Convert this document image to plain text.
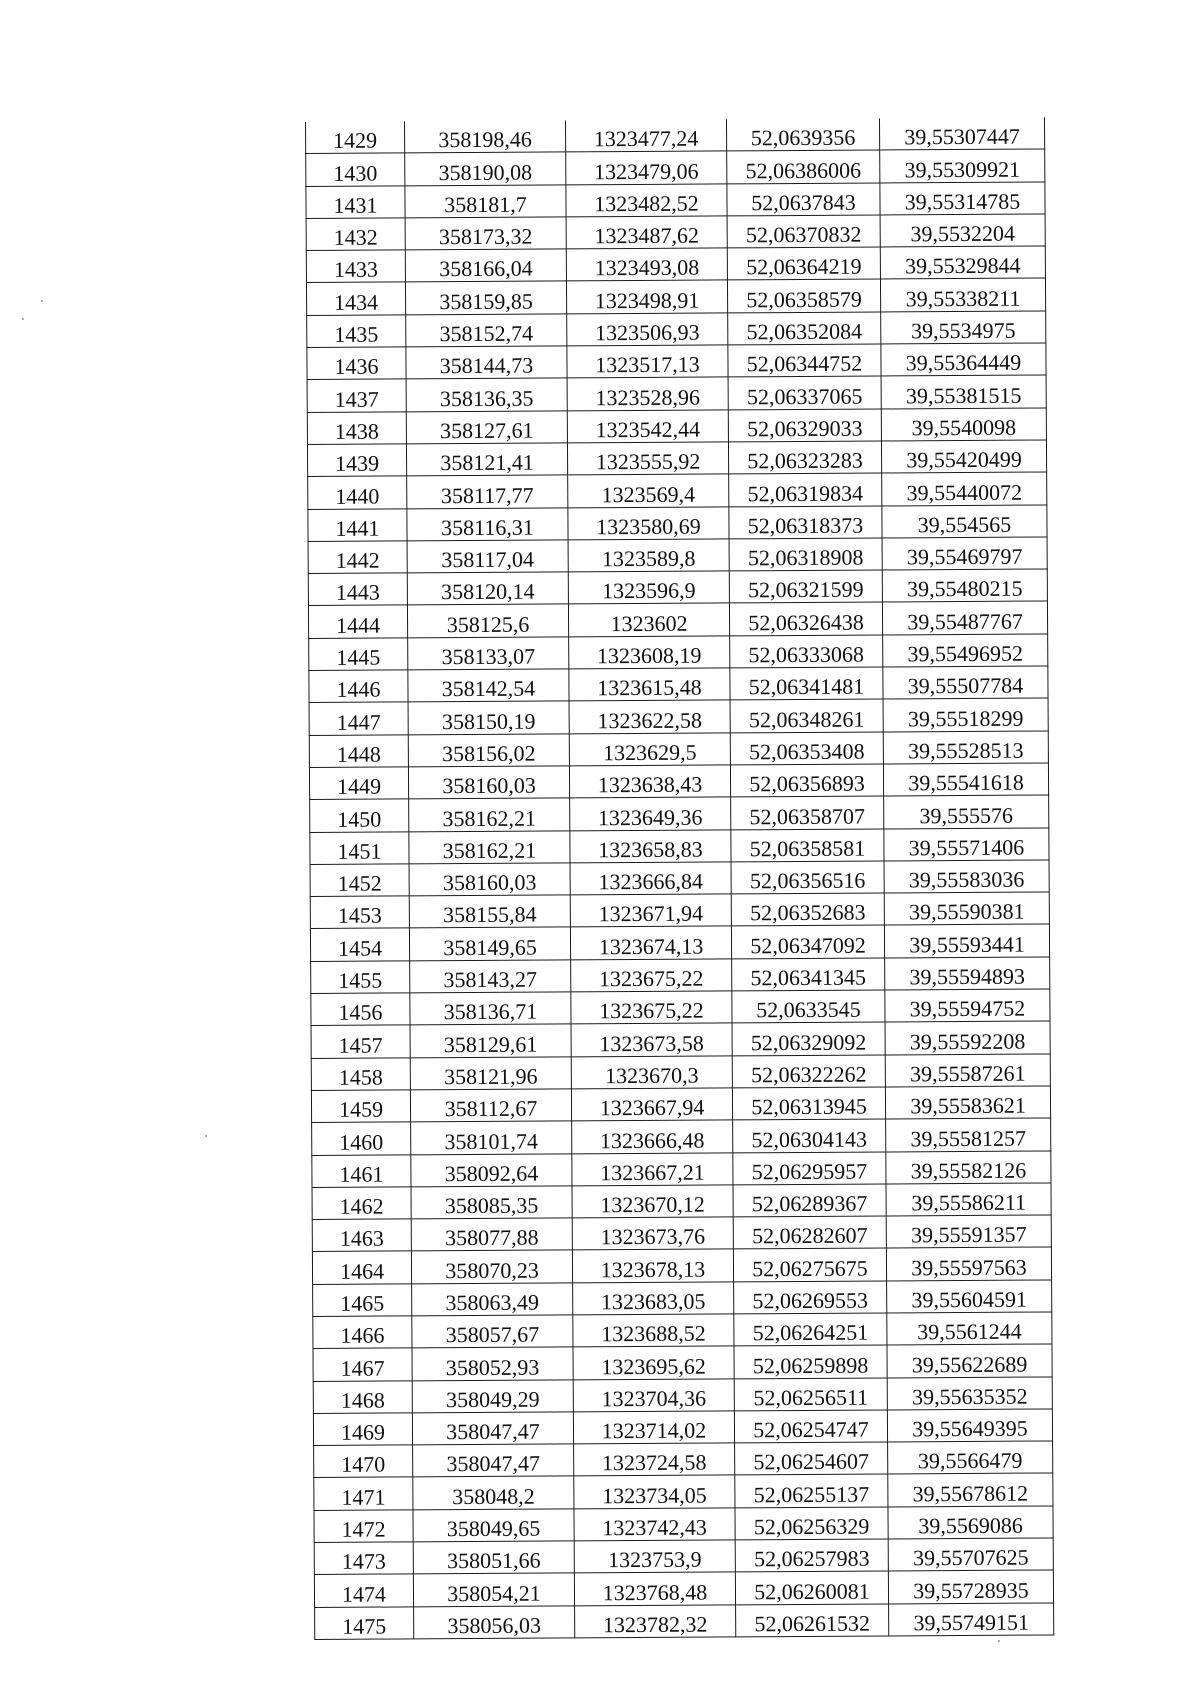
1429	358198,46	1323477,24	52,0639356	39,55307447
1430	358190,08	1323479,06	52,06386006	39,55309921
1431	358181,7	1323482,52	52,0637843	39,55314785
1432	358173,32	1323487,62	52,06370832	39,5532204
1433	358166,04	1323493,08	52,06364219	39,55329844
1434	358159,85	1323498,91	52,06358579	39,55338211
1435	358152,74	1323506,93	52,06352084	39,5534975
1436	358144,73	1323517,13	52,06344752	39,55364449
1437	358136,35	1323528,96	52,06337065	39,55381515
1438	358127,61	1323542,44	52,06329033	39,5540098
1439	358121,41	1323555,92	52,06323283	39,55420499
1440	358117,77	1323569,4	52,06319834	39,55440072
1441	358116,31	1323580,69	52,06318373	39,554565
1442	358117,04	1323589,8	52,06318908	39,55469797
1443	358120,14	1323596,9	52,06321599	39,55480215
1444	358125,6	1323602	52,06326438	39,55487767
1445	358133,07	1323608,19	52,06333068	39,55496952
1446	358142,54	1323615,48	52,06341481	39,55507784
1447	358150,19	1323622,58	52,06348261	39,55518299
1448	358156,02	1323629,5	52,06353408	39,55528513
1449	358160,03	1323638,43	52,06356893	39,55541618
1450	358162,21	1323649,36	52,06358707	39,555576
1451	358162,21	1323658,83	52,06358581	39,55571406
1452	358160,03	1323666,84	52,06356516	39,55583036
1453	358155,84	1323671,94	52,06352683	39,55590381
1454	358149,65	1323674,13	52,06347092	39,55593441
1455	358143,27	1323675,22	52,06341345	39,55594893
1456	358136,71	1323675,22	52,0633545	39,55594752
1457	358129,61	1323673,58	52,06329092	39,55592208
1458	358121,96	1323670,3	52,06322262	39,55587261
1459	358112,67	1323667,94	52,06313945	39,55583621
1460	358101,74	1323666,48	52,06304143	39,55581257
1461	358092,64	1323667,21	52,06295957	39,55582126
1462	358085,35	1323670,12	52,06289367	39,55586211
1463	358077,88	1323673,76	52,06282607	39,55591357
1464	358070,23	1323678,13	52,06275675	39,55597563
1465	358063,49	1323683,05	52,06269553	39,55604591
1466	358057,67	1323688,52	52,06264251	39,5561244
1467	358052,93	1323695,62	52,06259898	39,55622689
1468	358049,29	1323704,36	52,06256511	39,55635352
1469	358047,47	1323714,02	52,06254747	39,55649395
1470	358047,47	1323724,58	52,06254607	39,5566479
1471	358048,2	1323734,05	52,06255137	39,55678612
1472	358049,65	1323742,43	52,06256329	39,5569086
1473	358051,66	1323753,9	52,06257983	39,55707625
1474	358054,21	1323768,48	52,06260081	39,55728935
1475	358056,03	1323782,32	52,06261532	39,55749151
